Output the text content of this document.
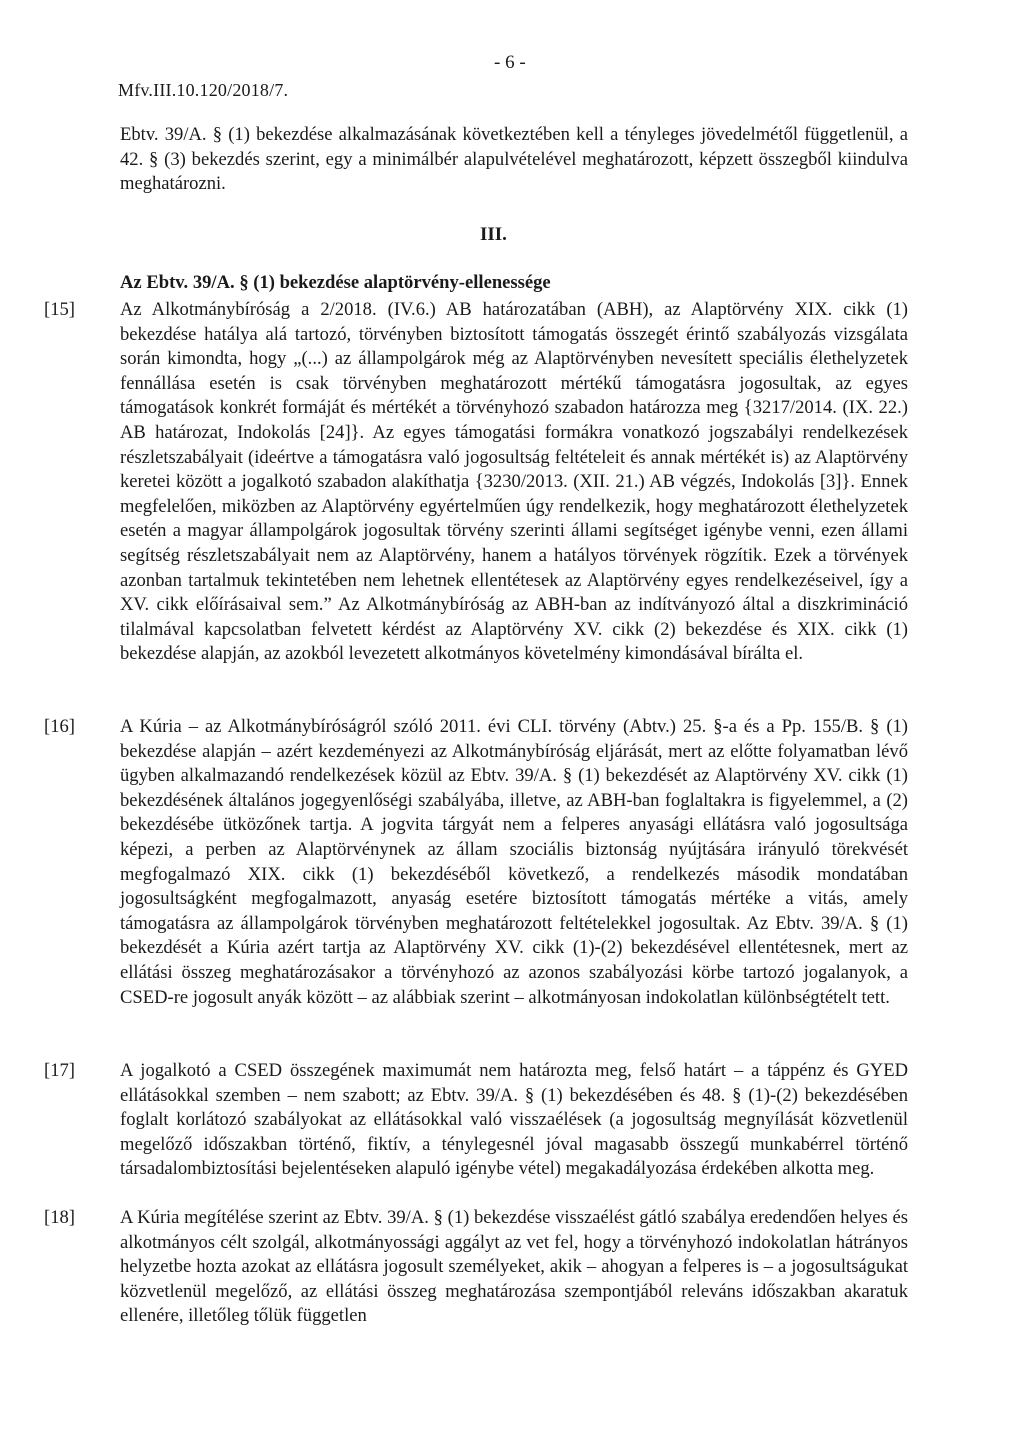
- 6 -
Mfv.III.10.120/2018/7.

Ebtv. 39/A. § (1) bekezdése alkalmazásának következtében kell a tényleges jövedelmétől függetlenül, a 42. § (3) bekezdés szerint, egy a minimálbér alapulvételével meghatározott, képzett összegből kiindulva meghatározni.

III.
Az Ebtv. 39/A. § (1) bekezdése alaptörvény-ellenessége
[15]	Az Alkotmánybíróság a 2/2018. (IV.6.) AB határozatában (ABH), az Alaptörvény XIX. cikk (1) bekezdése hatálya alá tartozó, törvényben biztosított támogatás összegét érintő szabályozás vizsgálata során kimondta, hogy „(...) az állampolgárok még az Alaptörvényben nevesített speciális élethelyzetek fennállása esetén is csak törvényben meghatározott mértékű támogatásra jogosultak, az egyes támogatások konkrét formáját és mértékét a törvényhozó szabadon határozza meg {3217/2014. (IX. 22.) AB határozat, Indokolás [24]}. Az egyes támogatási formákra vonatkozó jogszabályi rendelkezések részletszabályait (ideértve a támogatásra való jogosultság feltételeit és annak mértékét is) az Alaptörvény keretei között a jogalkotó szabadon alakíthatja {3230/2013. (XII. 21.) AB végzés, Indokolás [3]}. Ennek megfelelően, miközben az Alaptörvény egyértelműen úgy rendelkezik, hogy meghatározott élethelyzetek esetén a magyar állampolgárok jogosultak törvény szerinti állami segítséget igénybe venni, ezen állami segítség részletszabályait nem az Alaptörvény, hanem a hatályos törvények rögzítik. Ezek a törvények azonban tartalmuk tekintetében nem lehetnek ellentétesek az Alaptörvény egyes rendelkezéseivel, így a XV. cikk előírásaival sem.” Az Alkotmánybíróság az ABH-ban az indítványozó által a diszkrimináció tilalmával kapcsolatban felvetett kérdést az Alaptörvény XV. cikk (2) bekezdése és XIX. cikk (1) bekezdése alapján, az azokból levezetett alkotmányos követelmény kimondásával bírálta el.

[16]	A Kúria – az Alkotmánybíróságról szóló 2011. évi CLI. törvény (Abtv.) 25. §-a és a Pp. 155/B. § (1) bekezdése alapján – azért kezdeményezi az Alkotmánybíróság eljárását, mert az előtte folyamatban lévő ügyben alkalmazandó rendelkezések közül az Ebtv. 39/A. § (1) bekezdését az Alaptörvény XV. cikk (1) bekezdésének általános jogegyenlőségi szabályába, illetve, az ABH-ban foglaltakra is figyelemmel, a (2) bekezdésébe ütközőnek tartja. A jogvita tárgyát nem a felperes anyasági ellátásra való jogosultsága képezi, a perben az Alaptörvénynek az állam szociális biztonság nyújtására irányuló törekvését megfogalmazó XIX. cikk (1) bekezdéséből következő, a rendelkezés második mondatában jogosultságként megfogalmazott, anyaság esetére biztosított támogatás mértéke a vitás, amely támogatásra az állampolgárok törvényben meghatározott feltételekkel jogosultak. Az Ebtv. 39/A. § (1) bekezdését a Kúria azért tartja az Alaptörvény XV. cikk (1)-(2) bekezdésével ellentétesnek, mert az ellátási összeg meghatározásakor a törvényhozó az azonos szabályozási körbe tartozó jogalanyok, a CSED-re jogosult anyák között – az alábbiak szerint – alkotmányosan indokolatlan különbségtételt tett.

[17]	A jogalkotó a CSED összegének maximumát nem határozta meg, felső határt – a táppénz és GYED ellátásokkal szemben – nem szabott; az Ebtv. 39/A. § (1) bekezdésében és 48. § (1)-(2) bekezdésében foglalt korlátozó szabályokat az ellátásokkal való visszaélések (a jogosultság megnyílását közvetlenül megelőző időszakban történő, fiktív, a ténylegesnél jóval magasabb összegű munkabérrel történő társadalombiztosítási bejelentéseken alapuló igénybe vétel) megakadályozása érdekében alkotta meg.

[18]	A Kúria megítélése szerint az Ebtv. 39/A. § (1) bekezdése visszaélést gátló szabálya eredendően helyes és alkotmányos célt szolgál, alkotmányossági aggályt az vet fel, hogy a törvényhozó indokolatlan hátrányos helyzetbe hozta azokat az ellátásra jogosult személyeket, akik – ahogyan a felperes is – a jogosultságukat közvetlenül megelőző, az ellátási összeg meghatározása szempontjából releváns időszakban akaratuk ellenére, illetőleg tőlük független
